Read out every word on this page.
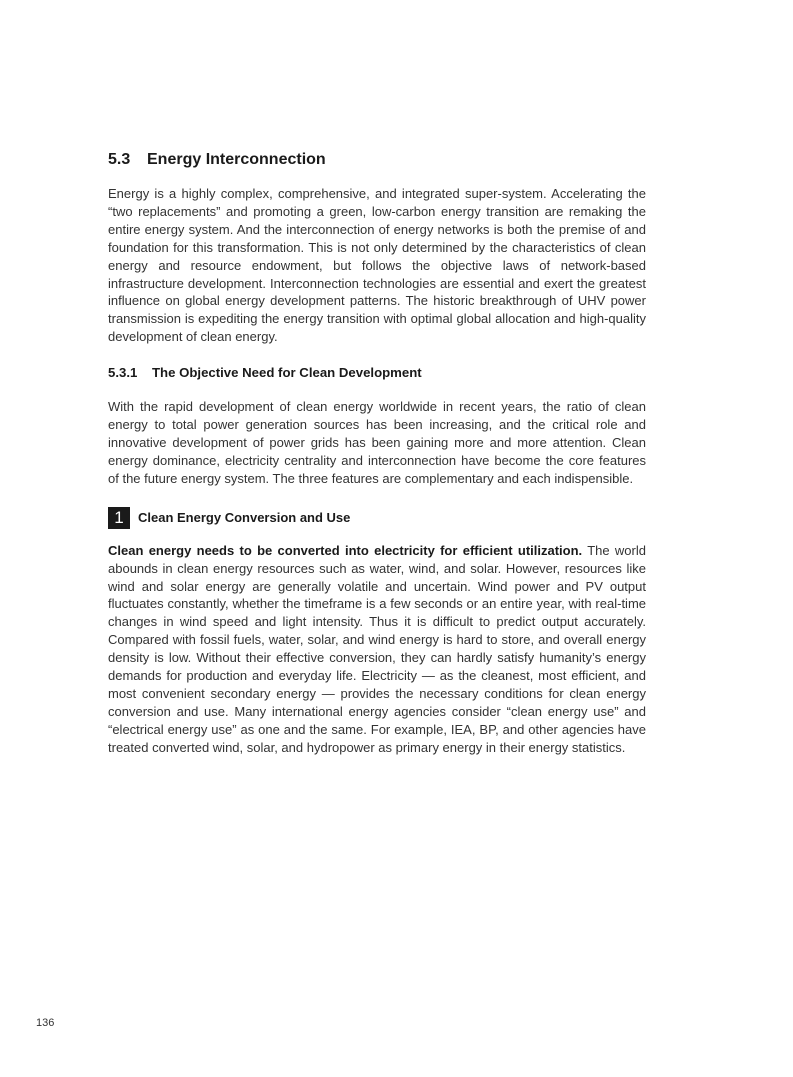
5.3 Energy Interconnection

Energy is a highly complex, comprehensive, and integrated super-system. Accelerating the “two replacements” and promoting a green, low-carbon energy transition are remaking the entire energy system. And the interconnection of energy networks is both the premise of and foundation for this transformation. This is not only determined by the characteristics of clean energy and resource endowment, but follows the objective laws of network-based infrastructure development. Interconnection technologies are essential and exert the greatest influence on global energy development patterns. The historic breakthrough of UHV power transmission is expediting the energy transition with optimal global allocation and high-quality development of clean energy.

5.3.1 The Objective Need for Clean Development

With the rapid development of clean energy worldwide in recent years, the ratio of clean energy to total power generation sources has been increasing, and the critical role and innovative development of power grids has been gaining more and more attention. Clean energy dominance, electricity centrality and interconnection have become the core features of the future energy system. The three features are complementary and each indispensible.

1	Clean Energy Conversion and Use

Clean energy needs to be converted into electricity for efficient utilization. The world abounds in clean energy resources such as water, wind, and solar. However, resources like wind and solar energy are generally volatile and uncertain. Wind power and PV output fluctuates constantly, whether the timeframe is a few seconds or an entire year, with real-time changes in wind speed and light intensity. Thus it is difficult to predict output accurately. Compared with fossil fuels, water, solar, and wind energy is hard to store, and overall energy density is low. Without their effective conversion, they can hardly satisfy humanity’s energy demands for production and everyday life. Electricity — as the cleanest, most efficient, and most convenient secondary energy — provides the necessary conditions for clean energy conversion and use. Many international energy agencies consider “clean energy use” and “electrical energy use” as one and the same. For example, IEA, BP, and other agencies have treated converted wind, solar, and hydropower as primary energy in their energy statistics.

136
